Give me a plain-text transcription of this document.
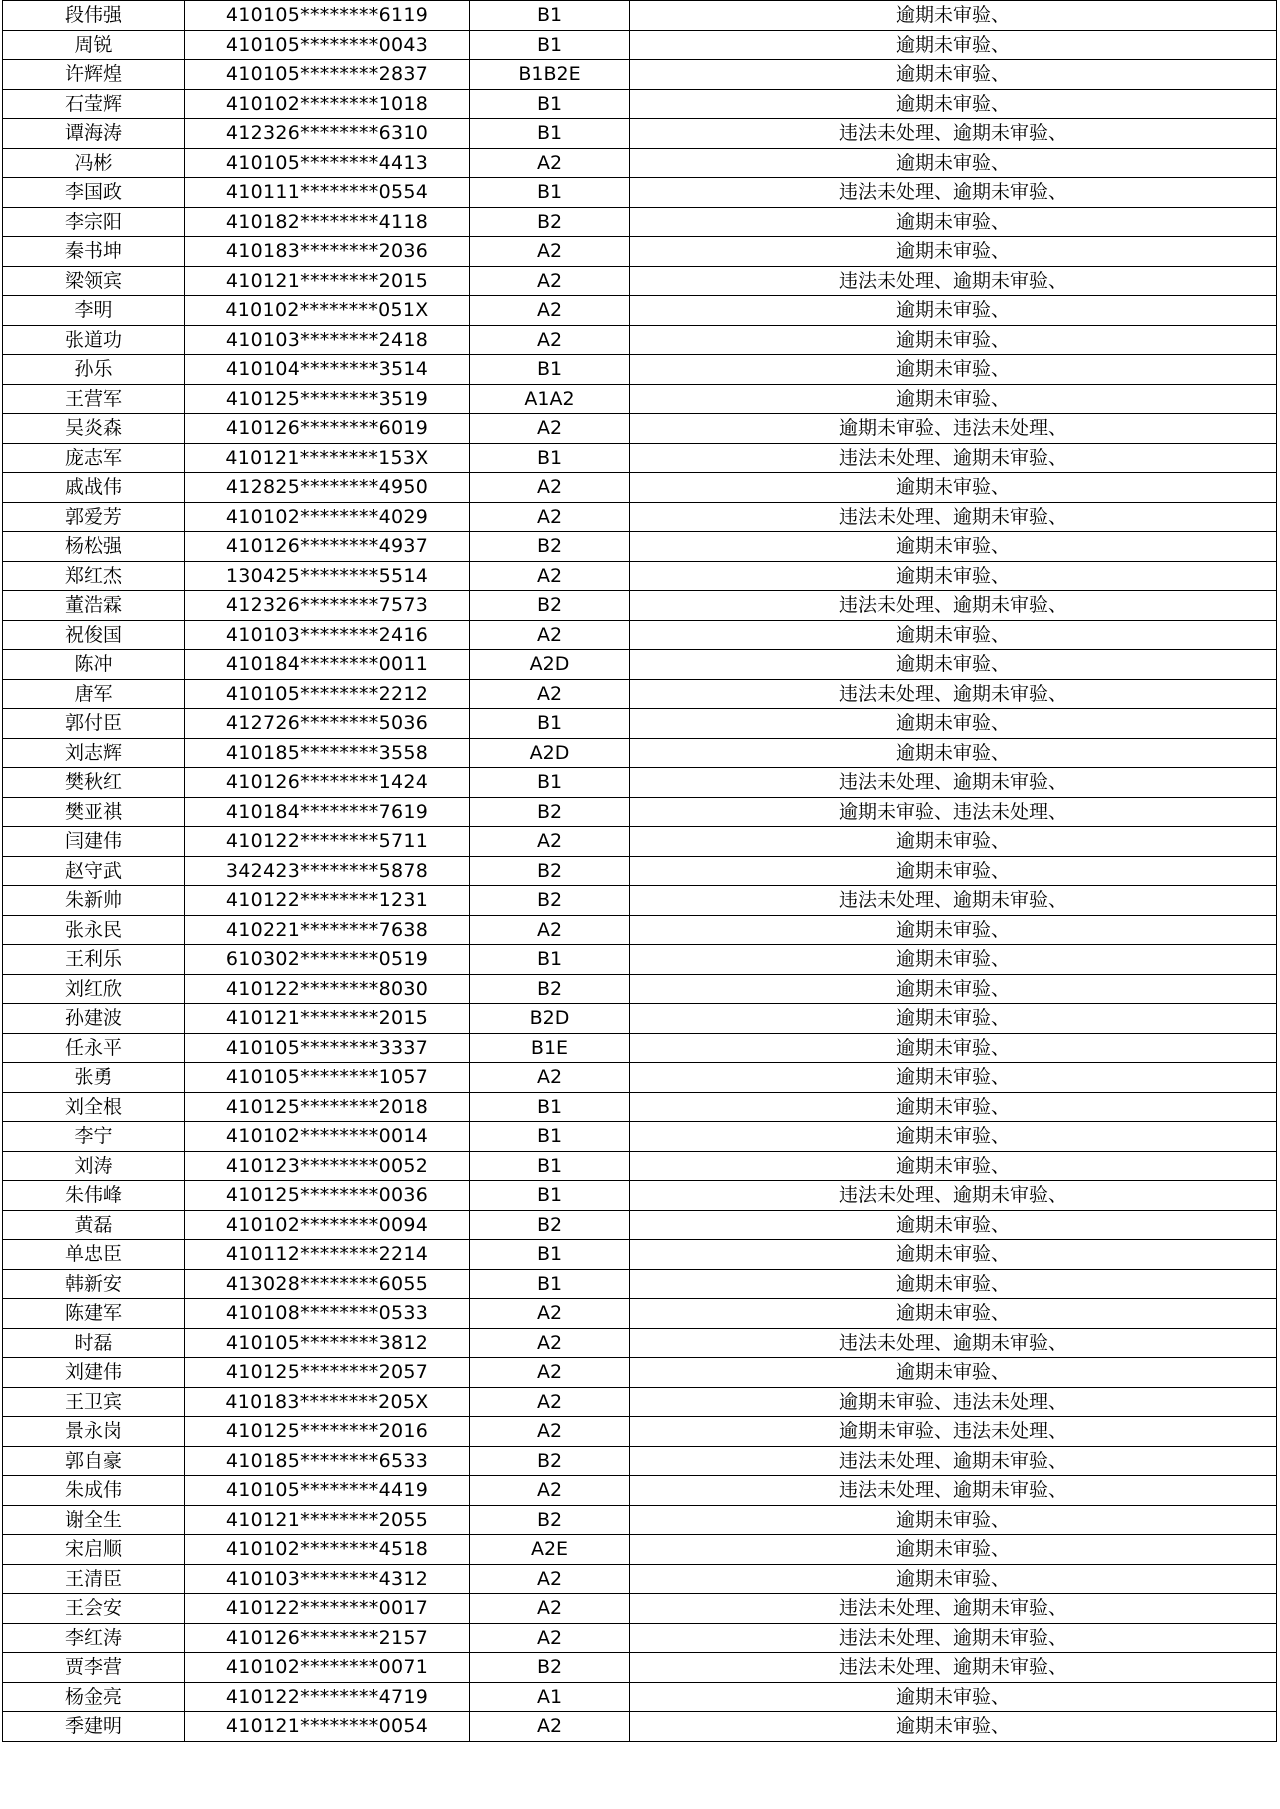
段伟强	410105********6119	B1	逾期未审验、
周锐	410105********0043	B1	逾期未审验、
许辉煌	410105********2837	B1B2E	逾期未审验、
石莹辉	410102********1018	B1	逾期未审验、
谭海涛	412326********6310	B1	违法未处理、逾期未审验、
冯彬	410105********4413	A2	逾期未审验、
李国政	410111********0554	B1	违法未处理、逾期未审验、
李宗阳	410182********4118	B2	逾期未审验、
秦书坤	410183********2036	A2	逾期未审验、
梁领宾	410121********2015	A2	违法未处理、逾期未审验、
李明	410102********051X	A2	逾期未审验、
张道功	410103********2418	A2	逾期未审验、
孙乐	410104********3514	B1	逾期未审验、
王营军	410125********3519	A1A2	逾期未审验、
吴炎森	410126********6019	A2	逾期未审验、违法未处理、
庞志军	410121********153X	B1	违法未处理、逾期未审验、
戚战伟	412825********4950	A2	逾期未审验、
郭爱芳	410102********4029	A2	违法未处理、逾期未审验、
杨松强	410126********4937	B2	逾期未审验、
郑红杰	130425********5514	A2	逾期未审验、
董浩霖	412326********7573	B2	违法未处理、逾期未审验、
祝俊国	410103********2416	A2	逾期未审验、
陈冲	410184********0011	A2D	逾期未审验、
唐军	410105********2212	A2	违法未处理、逾期未审验、
郭付臣	412726********5036	B1	逾期未审验、
刘志辉	410185********3558	A2D	逾期未审验、
樊秋红	410126********1424	B1	违法未处理、逾期未审验、
樊亚祺	410184********7619	B2	逾期未审验、违法未处理、
闫建伟	410122********5711	A2	逾期未审验、
赵守武	342423********5878	B2	逾期未审验、
朱新帅	410122********1231	B2	违法未处理、逾期未审验、
张永民	410221********7638	A2	逾期未审验、
王利乐	610302********0519	B1	逾期未审验、
刘红欣	410122********8030	B2	逾期未审验、
孙建波	410121********2015	B2D	逾期未审验、
任永平	410105********3337	B1E	逾期未审验、
张勇	410105********1057	A2	逾期未审验、
刘全根	410125********2018	B1	逾期未审验、
李宁	410102********0014	B1	逾期未审验、
刘涛	410123********0052	B1	逾期未审验、
朱伟峰	410125********0036	B1	违法未处理、逾期未审验、
黄磊	410102********0094	B2	逾期未审验、
单忠臣	410112********2214	B1	逾期未审验、
韩新安	413028********6055	B1	逾期未审验、
陈建军	410108********0533	A2	逾期未审验、
时磊	410105********3812	A2	违法未处理、逾期未审验、
刘建伟	410125********2057	A2	逾期未审验、
王卫宾	410183********205X	A2	逾期未审验、违法未处理、
景永岗	410125********2016	A2	逾期未审验、违法未处理、
郭自豪	410185********6533	B2	违法未处理、逾期未审验、
朱成伟	410105********4419	A2	违法未处理、逾期未审验、
谢全生	410121********2055	B2	逾期未审验、
宋启顺	410102********4518	A2E	逾期未审验、
王清臣	410103********4312	A2	逾期未审验、
王会安	410122********0017	A2	违法未处理、逾期未审验、
李红涛	410126********2157	A2	违法未处理、逾期未审验、
贾李营	410102********0071	B2	违法未处理、逾期未审验、
杨金亮	410122********4719	A1	逾期未审验、
季建明	410121********0054	A2	逾期未审验、
